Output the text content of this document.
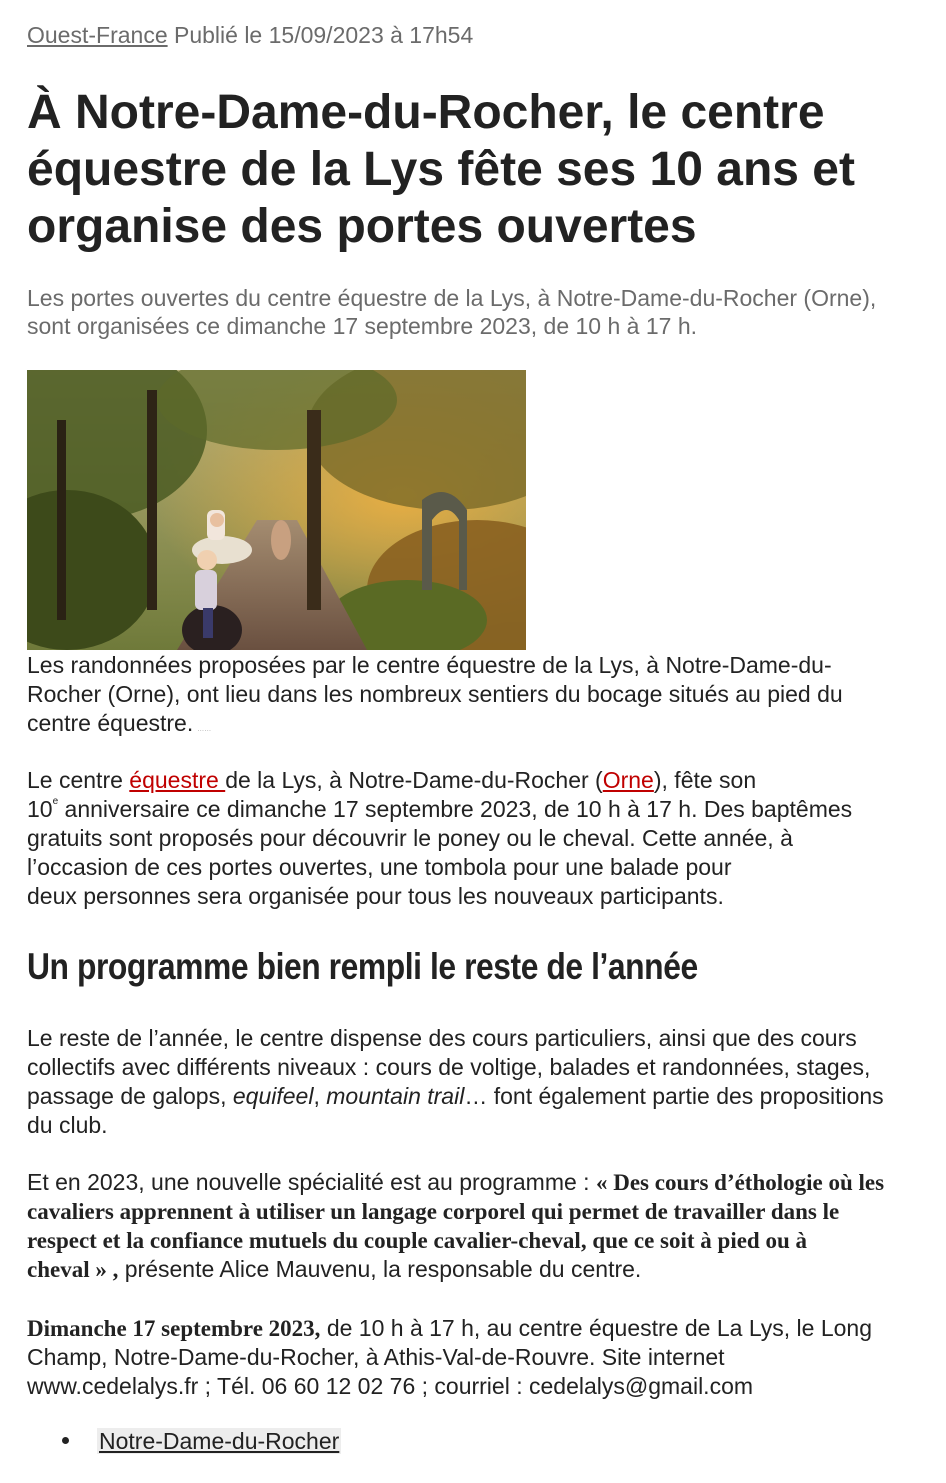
Ouest-France Publié le 15/09/2023 à 17h54
À Notre-Dame-du-Rocher, le centre
équestre de la Lys fête ses 10 ans et
organise des portes ouvertes
Les portes ouvertes du centre équestre de la Lys, à Notre-Dame-du-Rocher (Orne),
sont organisées ce dimanche 17 septembre 2023, de 10 h à 17 h.
Les randonnées proposées par le centre équestre de la Lys, à Notre-Dame-du-
Rocher (Orne), ont lieu dans les nombreux sentiers du bocage situés au pied du
centre équestre. ……
Le centre équestre de la Lys, à Notre-Dame-du-Rocher (Orne), fête son
10e anniversaire ce dimanche 17 septembre 2023, de 10 h à 17 h. Des baptêmes
gratuits sont proposés pour découvrir le poney ou le cheval. Cette année, à
l’occasion de ces portes ouvertes, une tombola pour une balade pour
deux personnes sera organisée pour tous les nouveaux participants.
Un programme bien rempli le reste de l’année
Le reste de l’année, le centre dispense des cours particuliers, ainsi que des cours
collectifs avec différents niveaux : cours de voltige, balades et randonnées, stages,
passage de galops, equifeel, mountain trail… font également partie des propositions
du club.
Et en 2023, une nouvelle spécialité est au programme : « Des cours d’éthologie où les
cavaliers apprennent à utiliser un langage corporel qui permet de travailler dans le
respect et la confiance mutuels du couple cavalier-cheval, que ce soit à pied ou à
cheval » , présente Alice Mauvenu, la responsable du centre.
Dimanche 17 septembre 2023, de 10 h à 17 h, au centre équestre de La Lys, le Long
Champ, Notre-Dame-du-Rocher, à Athis-Val-de-Rouvre. Site internet
www.cedelalys.fr ; Tél. 06 60 12 02 76 ; courriel : cedelalys@gmail.com
Notre-Dame-du-Rocher
